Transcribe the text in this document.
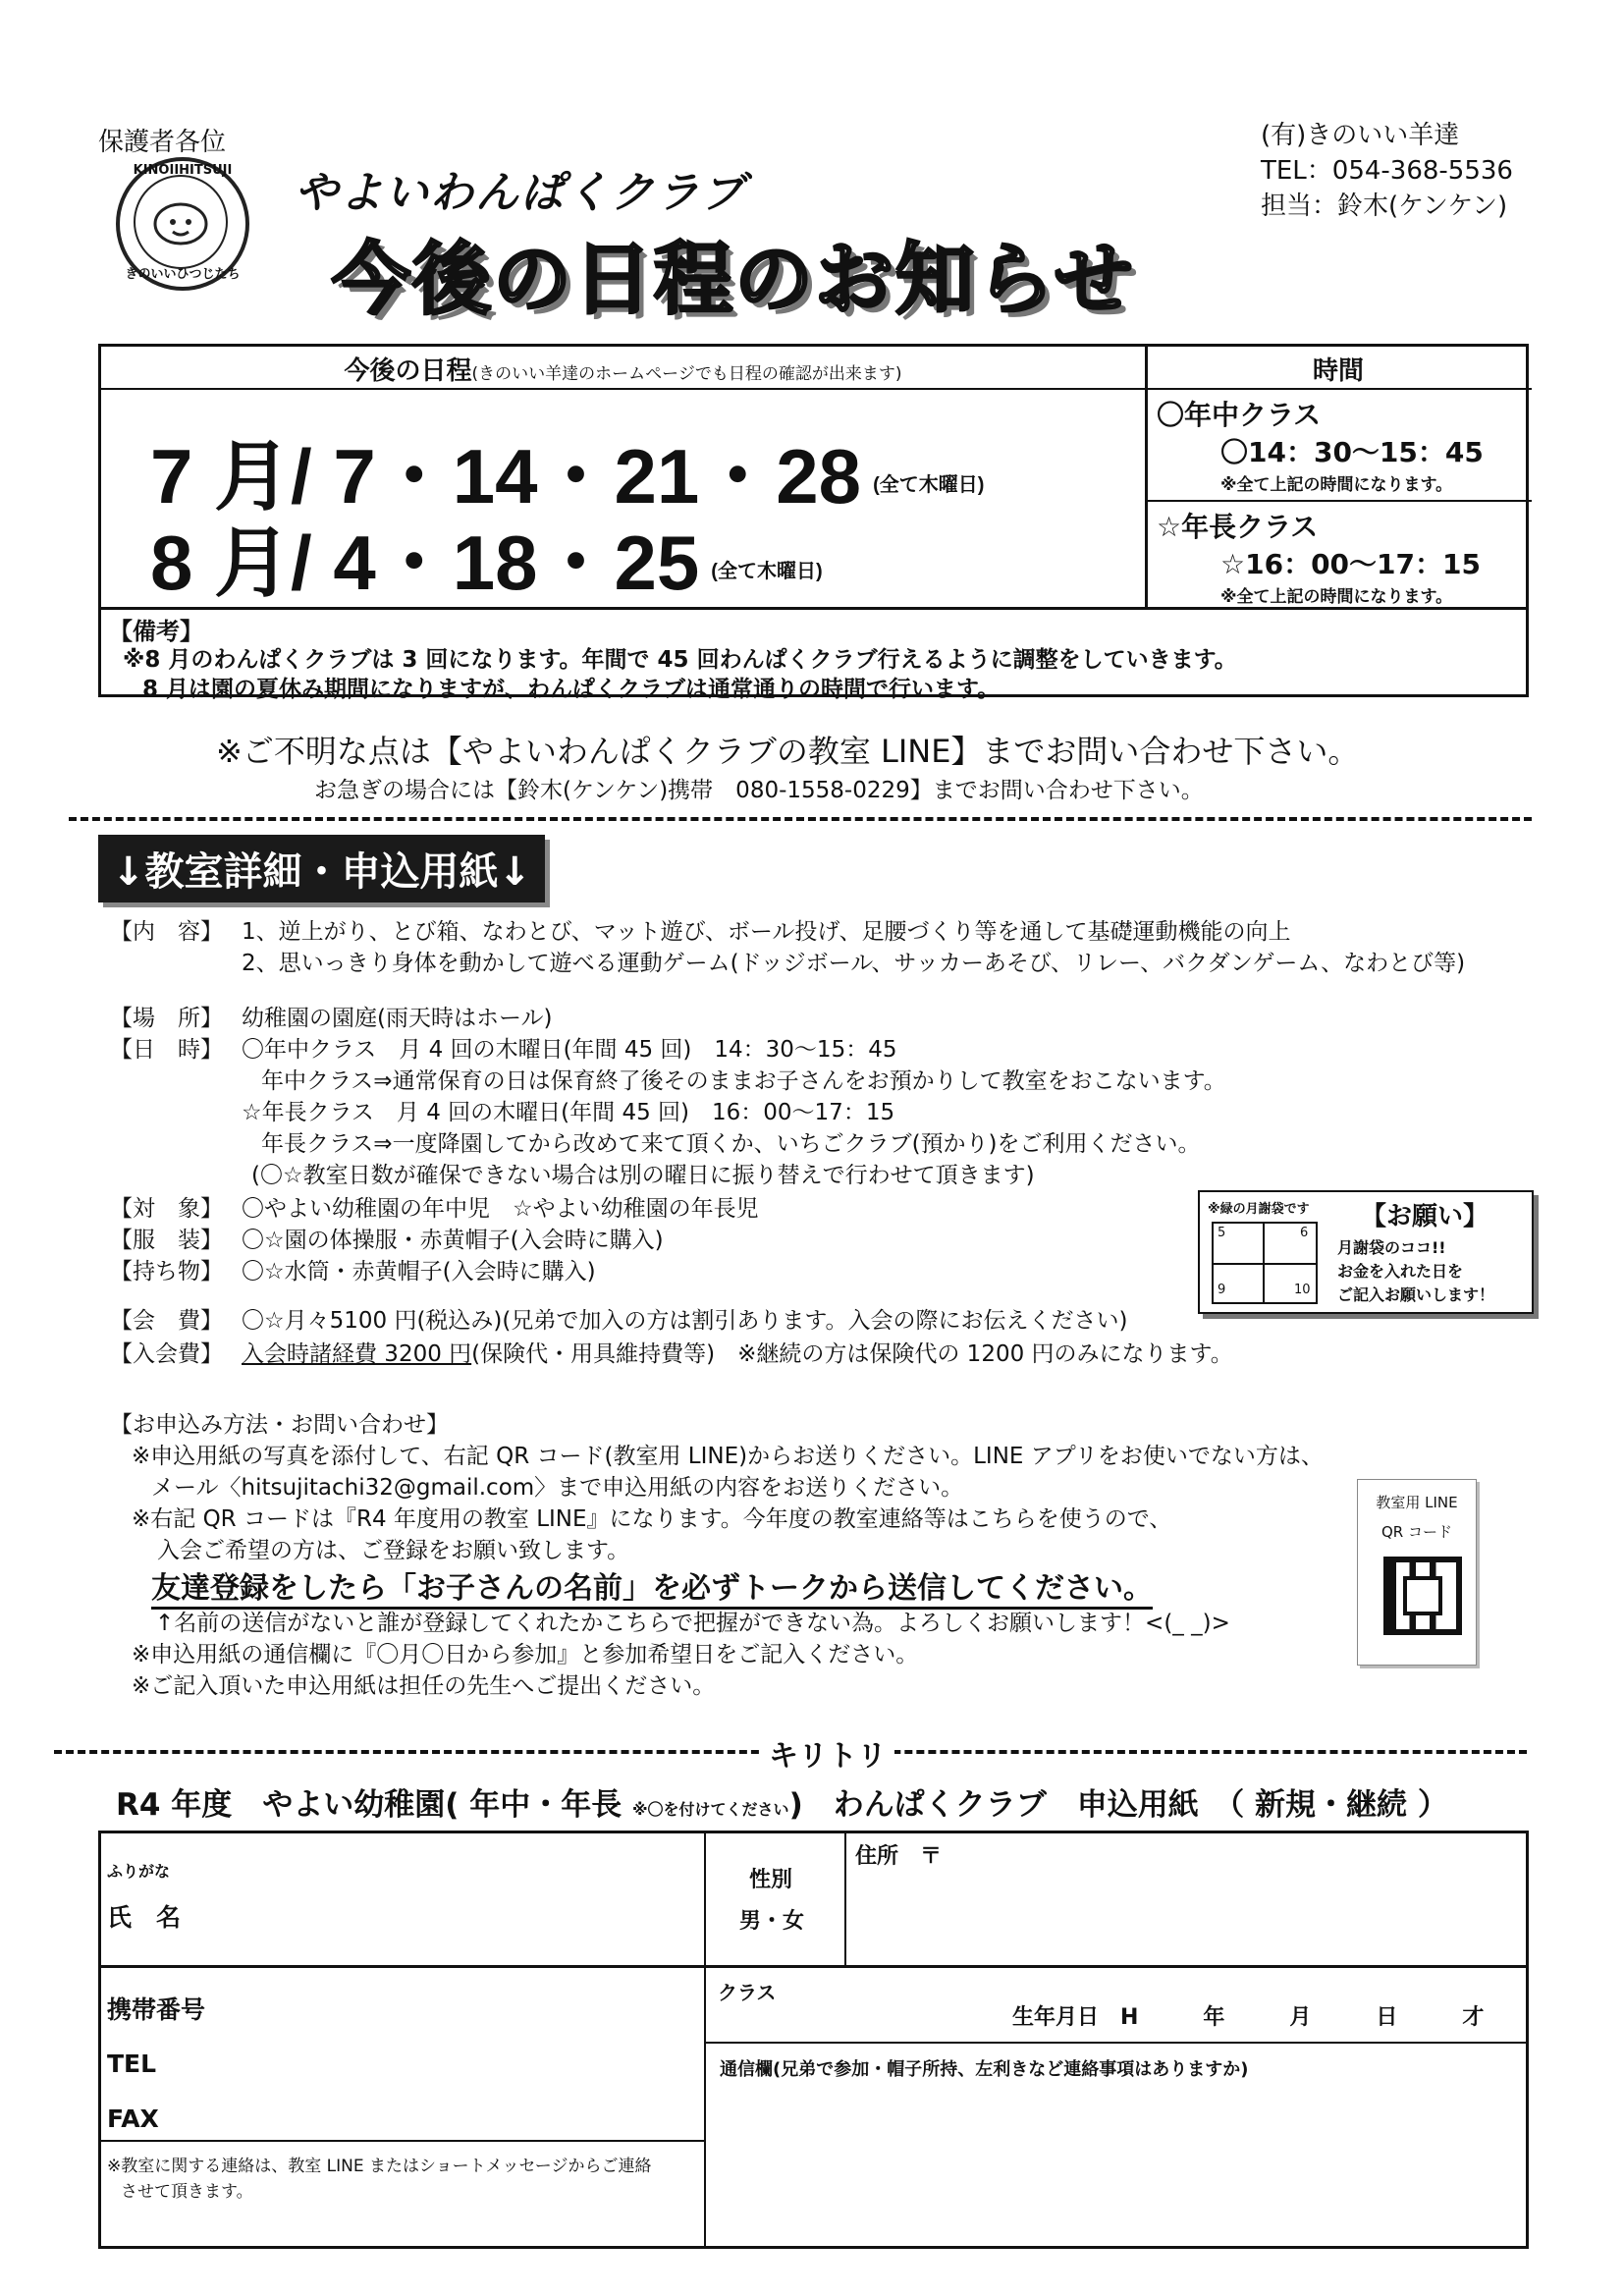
保護者各位
KINOIIHITSUJI
きのいいひつじたち
やよいわんぱくクラブ
今後の日程のお知らせ
(有)きのいい羊達
TEL：054-368-5536
担当：鈴木(ケンケン)
今後の日程(きのいい羊達のホームページでも日程の確認が出来ます)	時間
7 月/ 7・14・21・28 (全て木曜日)
8 月/ 4・18・25 (全て木曜日)
〇年中クラス
〇14：30〜15：45
※全て上記の時間になります。
☆年長クラス
☆16：00〜17：15
※全て上記の時間になります。
【備考】
※8 月のわんぱくクラブは 3 回になります。年間で 45 回わんぱくクラブ行えるように調整をしていきます。
8 月は園の夏休み期間になりますが、わんぱくクラブは通常通りの時間で行います。
※ご不明な点は【やよいわんぱくクラブの教室 LINE】までお問い合わせ下さい。
お急ぎの場合には【鈴木(ケンケン)携帯　080-1558-0229】までお問い合わせ下さい。
↓教室詳細・申込用紙↓
【内　容】 1、逆上がり、とび箱、なわとび、マット遊び、ボール投げ、足腰づくり等を通して基礎運動機能の向上
2、思いっきり身体を動かして遊べる運動ゲーム(ドッジボール、サッカーあそび、リレー、バクダンゲーム、なわとび等)
【場　所】 幼稚園の園庭(雨天時はホール)
【日　時】 〇年中クラス　月 4 回の木曜日(年間 45 回)　14：30〜15：45
年中クラス⇒通常保育の日は保育終了後そのままお子さんをお預かりして教室をおこないます。
☆年長クラス　月 4 回の木曜日(年間 45 回)　16：00〜17：15
年長クラス⇒一度降園してから改めて来て頂くか、いちごクラブ(預かり)をご利用ください。
(〇☆教室日数が確保できない場合は別の曜日に振り替えで行わせて頂きます)
【対　象】 〇やよい幼稚園の年中児　☆やよい幼稚園の年長児
【服　装】 〇☆園の体操服・赤黄帽子(入会時に購入)
【持ち物】 〇☆水筒・赤黄帽子(入会時に購入)
【会　費】 〇☆月々5100 円(税込み)(兄弟で加入の方は割引あります。入会の際にお伝えください)
【入会費】 入会時諸経費 3200 円(保険代・用具維持費等)　※継続の方は保険代の 1200 円のみになります。
※緑の月謝袋です
5	6
9	10
【お願い】
月謝袋のココ!!
お金を入れた日を
ご記入お願いします！
【お申込み方法・お問い合わせ】
※申込用紙の写真を添付して、右記 QR コード(教室用 LINE)からお送りください。LINE アプリをお使いでない方は、
メール〈hitsujitachi32@gmail.com〉まで申込用紙の内容をお送りください。
※右記 QR コードは『R4 年度用の教室 LINE』になります。今年度の教室連絡等はこちらを使うので、
入会ご希望の方は、ご登録をお願い致します。
友達登録をしたら「お子さんの名前」を必ずトークから送信してください。
↑名前の送信がないと誰が登録してくれたかこちらで把握ができない為。よろしくお願いします！<(_ _)>
※申込用紙の通信欄に『〇月〇日から参加』と参加希望日をご記入ください。
※ご記入頂いた申込用紙は担任の先生へご提出ください。
教室用 LINE
QR コード
キリトリ
R4 年度　やよい幼稚園( 年中・年長 ※〇を付けてください)　わんぱくクラブ　申込用紙　（ 新規・継続 ）
ふりがな
氏　名
性別
男・女
住所　〒
携帯番号
TEL
FAX
※教室に関する連絡は、教室 LINE またはショートメッセージからご連絡
させて頂きます。
クラス
生年月日　H　　　年　　　月　　　日　　　才
通信欄(兄弟で参加・帽子所持、左利きなど連絡事項はありますか)
